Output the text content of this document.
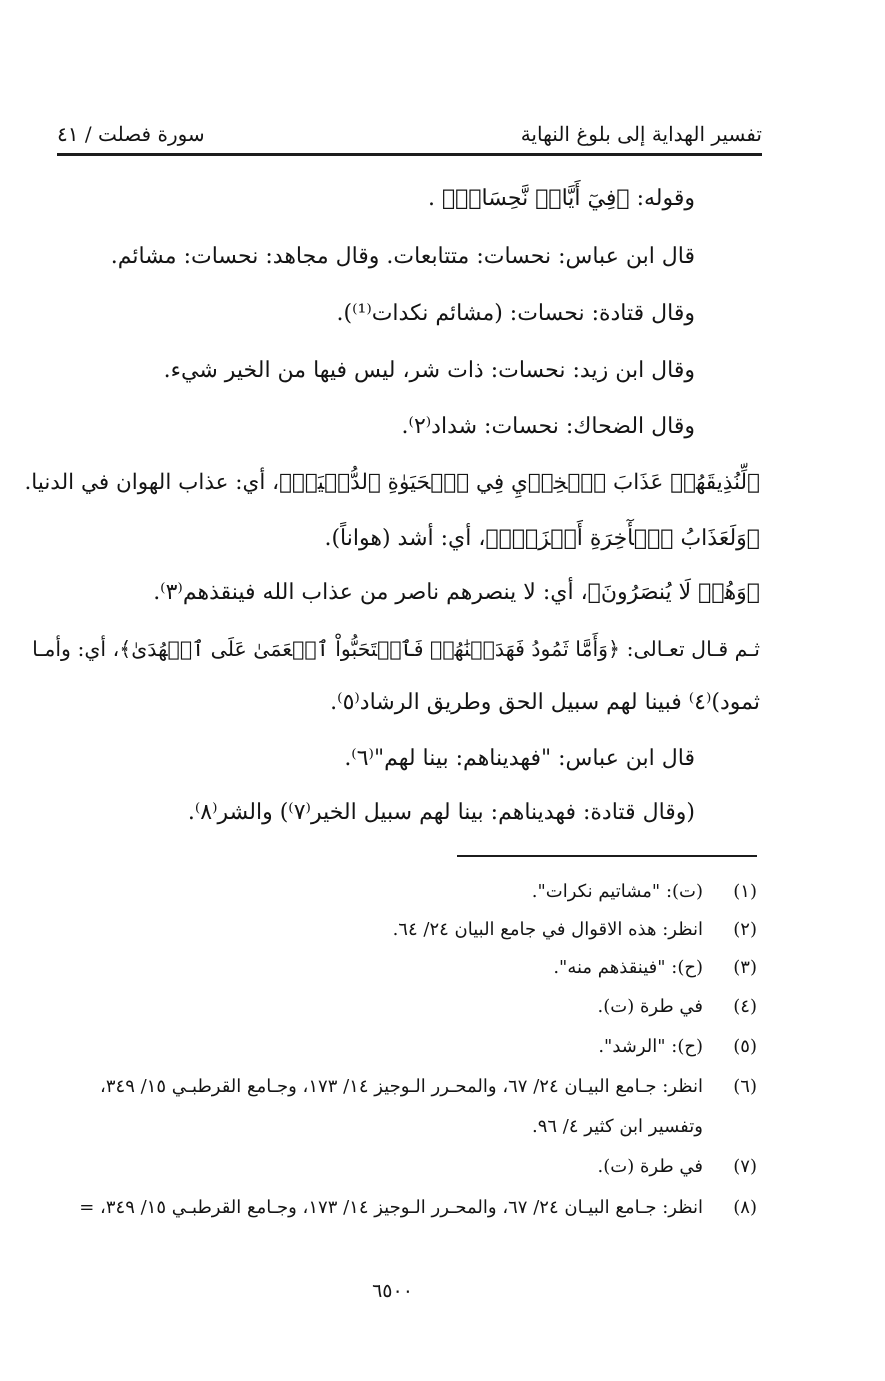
تفسير الهداية إلى بلوغ النهاية
سورة فصلت / ٤١
وقوله: ﴿فِيٓ أَيَّامٖ نَّحِسَاتٖ﴾ .
قال ابن عباس: نحسات: متتابعات. وقال مجاهد: نحسات: مشائم.
وقال قتادة: نحسات: (مشائم نكدات⁽¹⁾).
وقال ابن زيد: نحسات: ذات شر، ليس فيها من الخير شيء.
وقال الضحاك: نحسات: شداد⁽٢⁾.
﴿لِّنُذِيقَهُمۡ عَذَابَ ٱلۡخِزۡيِ فِي ٱلۡحَيَوٰةِ ٱلدُّنۡيَاۖ﴾، أي: عذاب الهوان في الدنيا.
﴿وَلَعَذَابُ ٱلۡأٓخِرَةِ أَخۡزَىٰۖ﴾، أي: أشد (هواناً).
﴿وَهُمۡ لَا يُنصَرُونَ﴾، أي: لا ينصرهم ناصر من عذاب الله فينقذهم⁽٣⁾.
ثـم قـال تعـالى: ﴿وَأَمَّا ثَمُودُ فَهَدَيۡنَٰهُمۡ فَٱسۡتَحَبُّواْ ٱلۡعَمَىٰ عَلَى ٱلۡهُدَىٰ﴾، أي: وأمـا
ثمود)⁽٤⁾ فبينا لهم سبيل الحق وطريق الرشاد⁽٥⁾.
قال ابن عباس: "فهديناهم: بينا لهم"⁽٦⁾.
(وقال قتادة: فهديناهم: بينا لهم سبيل الخير⁽٧⁾) والشر⁽٨⁾.
(١)
(ت): "مشاتيم نكرات".
(٢)
انظر: هذه الاقوال في جامع البيان ٢٤/ ٦٤.
(٣)
(ح): "فينقذهم منه".
(٤)
في طرة (ت).
(٥)
(ح): "الرشد".
(٦)
انظر: جـامع البيـان ٢٤/ ٦٧، والمحـرر الـوجيز ١٤/ ١٧٣، وجـامع القرطبـي ١٥/ ٣٤٩،
وتفسير ابن كثير ٤/ ٩٦.
(٧)
في طرة (ت).
(٨)
انظر: جـامع البيـان ٢٤/ ٦٧، والمحـرر الـوجيز ١٤/ ١٧٣، وجـامع القرطبـي ١٥/ ٣٤٩، =
٦٥٠٠
